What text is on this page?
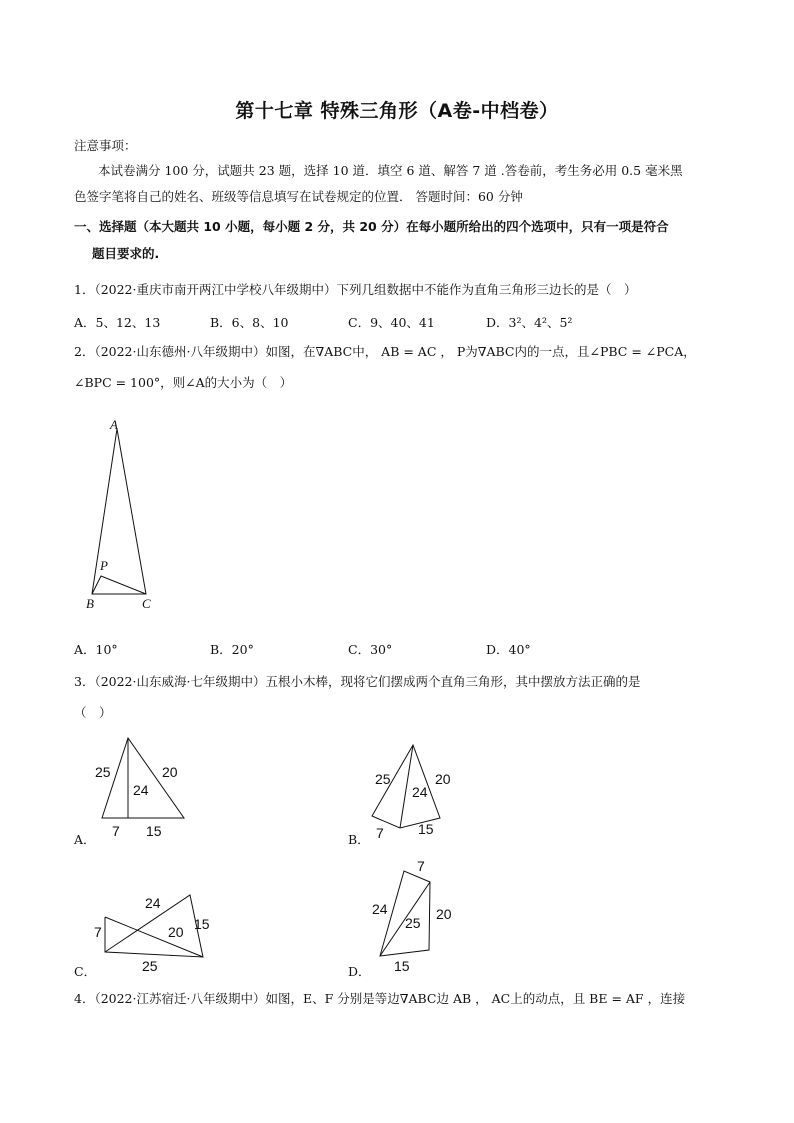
第十七章 特殊三角形（A卷-中档卷）
注意事项：
本试卷满分 100 分，试题共 23 题，选择 10 道．填空 6 道、解答 7 道 .答卷前，考生务必用 0.5 毫米黑
色签字笔将自己的姓名、班级等信息填写在试卷规定的位置． 答题时间：60 分钟
一、选择题（本大题共 10 小题，每小题 2 分，共 20 分）在每小题所给出的四个选项中，只有一项是符合
题目要求的.
1．（2022·重庆市南开两江中学校八年级期中）下列几组数据中不能作为直角三角形三边长的是（　）
A．5、12、13	B．6、8、10	C．9、40、41	D．3²、4²、5²
2．（2022·山东德州·八年级期中）如图，在∇ABC中， AB = AC ， P为∇ABC内的一点，且∠PBC = ∠PCA，
∠BPC = 100°，则∠A的大小为（　）
A
B	C
P
A．10°	B．20°	C．30°	D．40°
3．（2022·山东威海·七年级期中）五根小木棒，现将它们摆成两个直角三角形，其中摆放方法正确的是
（　）
25	20
24
7 15
25	20
24
7 15
24
7	15
20
25
7
24	20
25
15
A．	B．
C．	D．
4．（2022·江苏宿迁·八年级期中）如图，E、F 分别是等边∇ABC边 AB ， AC上的动点，且 BE = AF ，连接
